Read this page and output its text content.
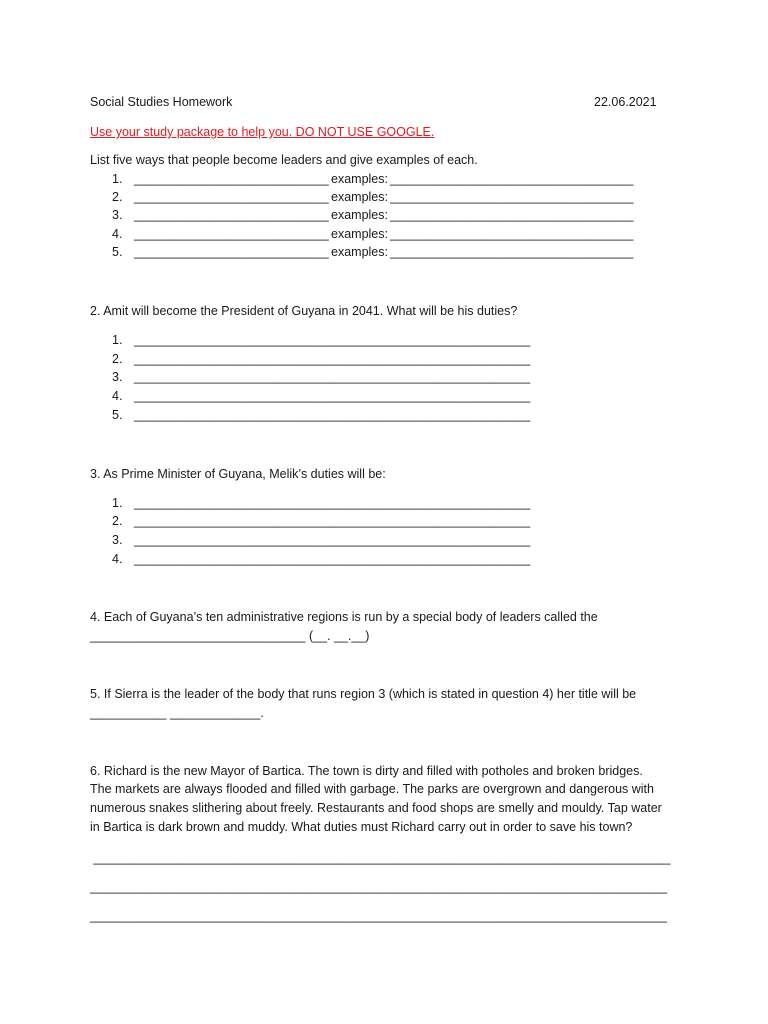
Social Studies Homework	22.06.2021
Use your study package to help you. DO NOT USE GOOGLE.
List five ways that people become leaders and give examples of each.
1. ____________________________ examples: ___________________________________
2. ____________________________ examples: ___________________________________
3. ____________________________ examples: ___________________________________
4. ____________________________ examples: ___________________________________
5. ____________________________ examples: ___________________________________
2. Amit will become the President of Guyana in 2041. What will be his duties?
1. _________________________________________________________
2. _________________________________________________________
3. _________________________________________________________
4. _________________________________________________________
5. _________________________________________________________
3. As Prime Minister of Guyana, Melik’s duties will be:
1. _________________________________________________________
2. _________________________________________________________
3. _________________________________________________________
4. _________________________________________________________
4. Each of Guyana’s ten administrative regions is run by a special body of leaders called the
_______________________________ (__. __.__)
5. If Sierra is the leader of the body that runs region 3 (which is stated in question 4) her title will be
___________ _____________.
6. Richard is the new Mayor of Bartica. The town is dirty and filled with potholes and broken bridges.
The markets are always flooded and filled with garbage. The parks are overgrown and dangerous with
numerous snakes slithering about freely. Restaurants and food shops are smelly and mouldy. Tap water
in Bartica is dark brown and muddy. What duties must Richard carry out in order to save his town?
___________________________________________________________________________________
___________________________________________________________________________________
___________________________________________________________________________________
